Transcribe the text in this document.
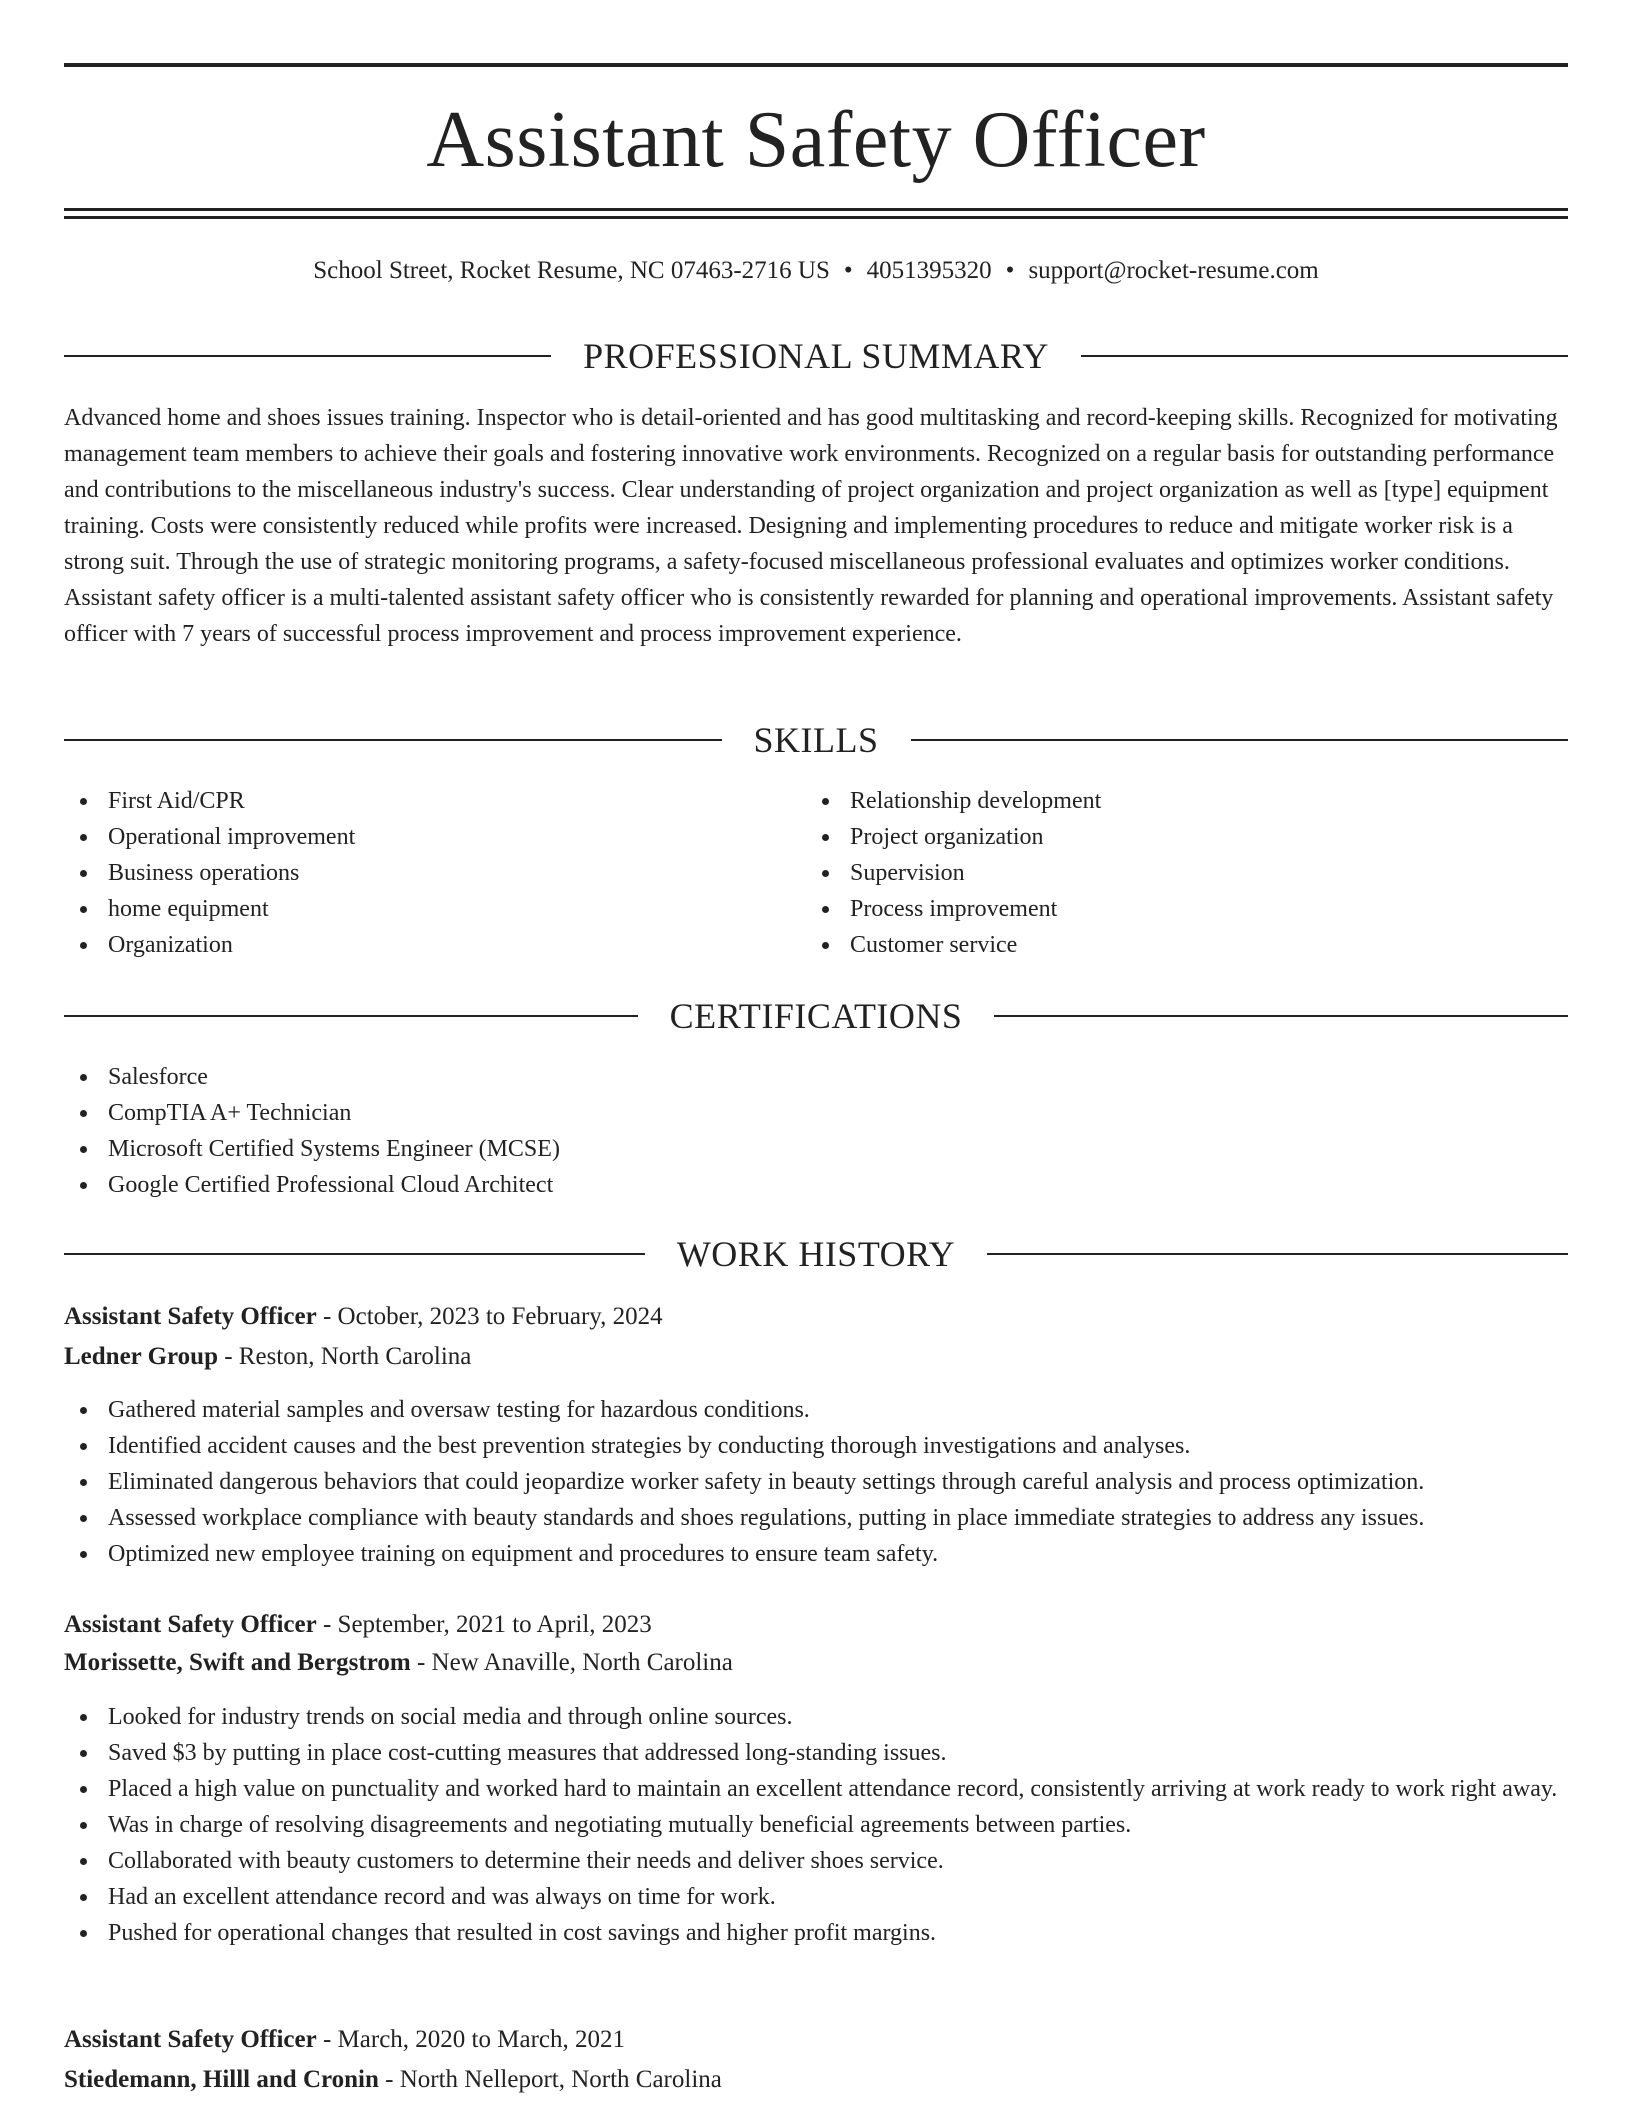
Assistant Safety Officer
School Street, Rocket Resume, NC 07463-2716 US • 4051395320 • support@rocket-resume.com
PROFESSIONAL SUMMARY

Advanced home and shoes issues training. Inspector who is detail-oriented and has good multitasking and record-keeping skills. Recognized for motivating management team members to achieve their goals and fostering innovative work environments. Recognized on a regular basis for outstanding performance and contributions to the miscellaneous industry's success. Clear understanding of project organization and project organization as well as [type] equipment training. Costs were consistently reduced while profits were increased. Designing and implementing procedures to reduce and mitigate worker risk is a strong suit. Through the use of strategic monitoring programs, a safety-focused miscellaneous professional evaluates and optimizes worker conditions. Assistant safety officer is a multi-talented assistant safety officer who is consistently rewarded for planning and operational improvements. Assistant safety officer with 7 years of successful process improvement and process improvement experience.

SKILLS
First Aid/CPR
Operational improvement
Business operations
home equipment
Organization
Relationship development
Project organization
Supervision
Process improvement
Customer service
CERTIFICATIONS
Salesforce
CompTIA A+ Technician
Microsoft Certified Systems Engineer (MCSE)
Google Certified Professional Cloud Architect
WORK HISTORY
Assistant Safety Officer - October, 2023 to February, 2024
Ledner Group - Reston, North Carolina
Gathered material samples and oversaw testing for hazardous conditions.
Identified accident causes and the best prevention strategies by conducting thorough investigations and analyses.
Eliminated dangerous behaviors that could jeopardize worker safety in beauty settings through careful analysis and process optimization.
Assessed workplace compliance with beauty standards and shoes regulations, putting in place immediate strategies to address any issues.
Optimized new employee training on equipment and procedures to ensure team safety.
Assistant Safety Officer - September, 2021 to April, 2023
Morissette, Swift and Bergstrom - New Anaville, North Carolina
Looked for industry trends on social media and through online sources.
Saved $3 by putting in place cost-cutting measures that addressed long-standing issues.
Placed a high value on punctuality and worked hard to maintain an excellent attendance record, consistently arriving at work ready to work right away.
Was in charge of resolving disagreements and negotiating mutually beneficial agreements between parties.
Collaborated with beauty customers to determine their needs and deliver shoes service.
Had an excellent attendance record and was always on time for work.
Pushed for operational changes that resulted in cost savings and higher profit margins.
Assistant Safety Officer - March, 2020 to March, 2021
Stiedemann, Hilll and Cronin - North Nelleport, North Carolina
